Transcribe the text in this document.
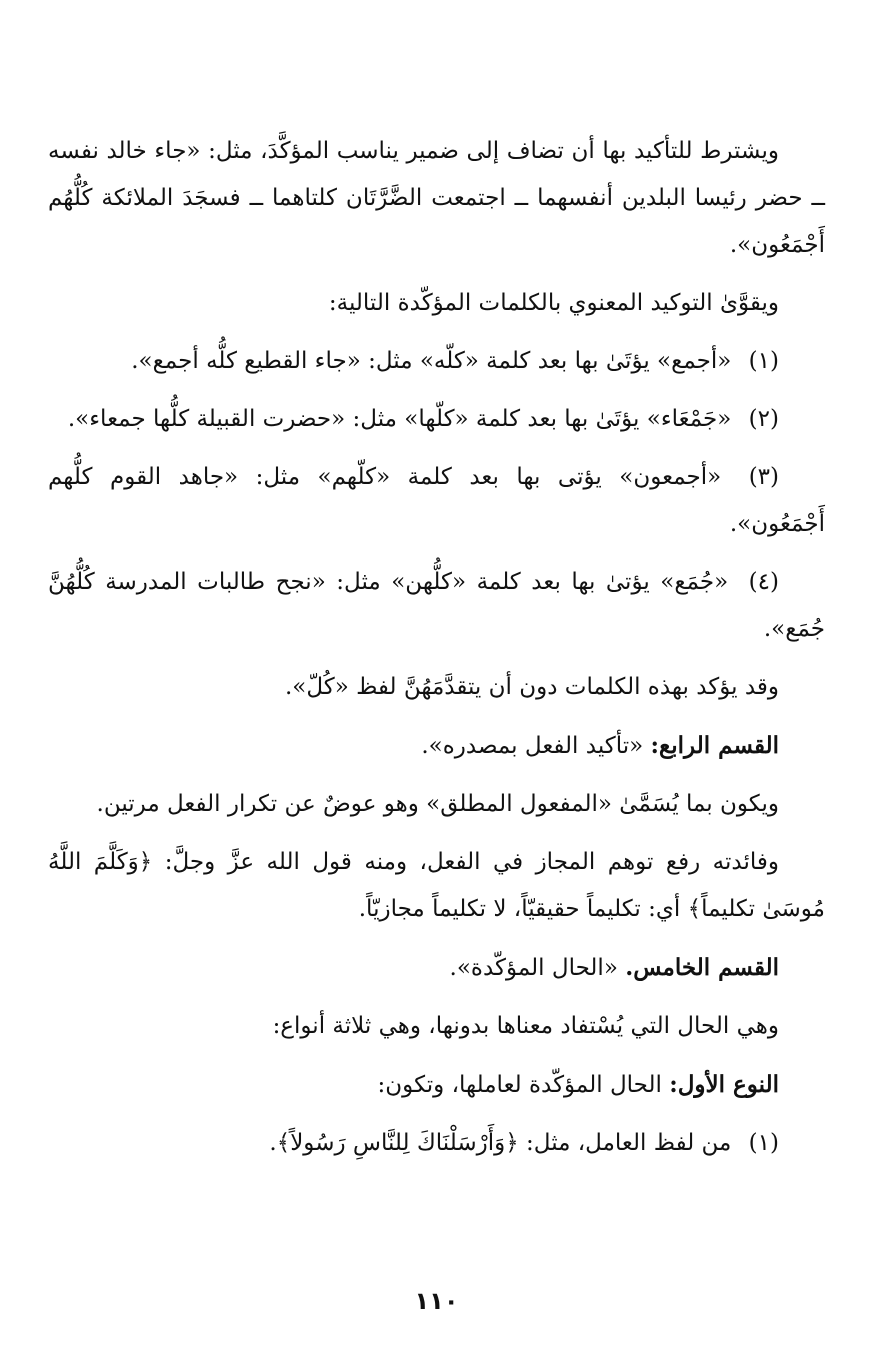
ويشترط للتأكيد بها أن تضاف إلى ضمير يناسب المؤكَّدَ، مثل: «جاء خالد نفسه ــ حضر رئيسا البلدين أنفسهما ــ اجتمعت الضَّرَّتَان كلتاهما ــ فسجَدَ الملائكة كُلُّهُم أَجْمَعُون».

ويقوَّىٰ التوكيد المعنوي بالكلمات المؤكّدة التالية:

(١) «أجمع» يؤتَىٰ بها بعد كلمة «كلّه» مثل: «جاء القطيع كلُّه أجمع».

(٢) «جَمْعَاء» يؤتَىٰ بها بعد كلمة «كلّها» مثل: «حضرت القبيلة كلُّها جمعاء».

(٣) «أجمعون» يؤتى بها بعد كلمة «كلّهم» مثل: «جاهد القوم كلُّهم أَجْمَعُون».

(٤) «جُمَع» يؤتىٰ بها بعد كلمة «كلُّهن» مثل: «نجح طالبات المدرسة كُلُّهُنَّ جُمَع».

وقد يؤكد بهذه الكلمات دون أن يتقدَّمَهُنَّ لفظ «كُلّ».

القسم الرابع: «تأكيد الفعل بمصدره».

ويكون بما يُسَمَّىٰ «المفعول المطلق» وهو عوضٌ عن تكرار الفعل مرتين.

وفائدته رفع توهم المجاز في الفعل، ومنه قول الله عزَّ وجلَّ: ﴿وَكَلَّمَ اللَّهُ مُوسَىٰ تكليماً﴾ أي: تكليماً حقيقيّاً، لا تكليماً مجازيّاً.

القسم الخامس. «الحال المؤكّدة».

وهي الحال التي يُسْتفاد معناها بدونها، وهي ثلاثة أنواع:

النوع الأول: الحال المؤكّدة لعاملها، وتكون:

(١) من لفظ العامل، مثل: ﴿وَأَرْسَلْنَاكَ لِلنَّاسِ رَسُولاً﴾.

١١٠
